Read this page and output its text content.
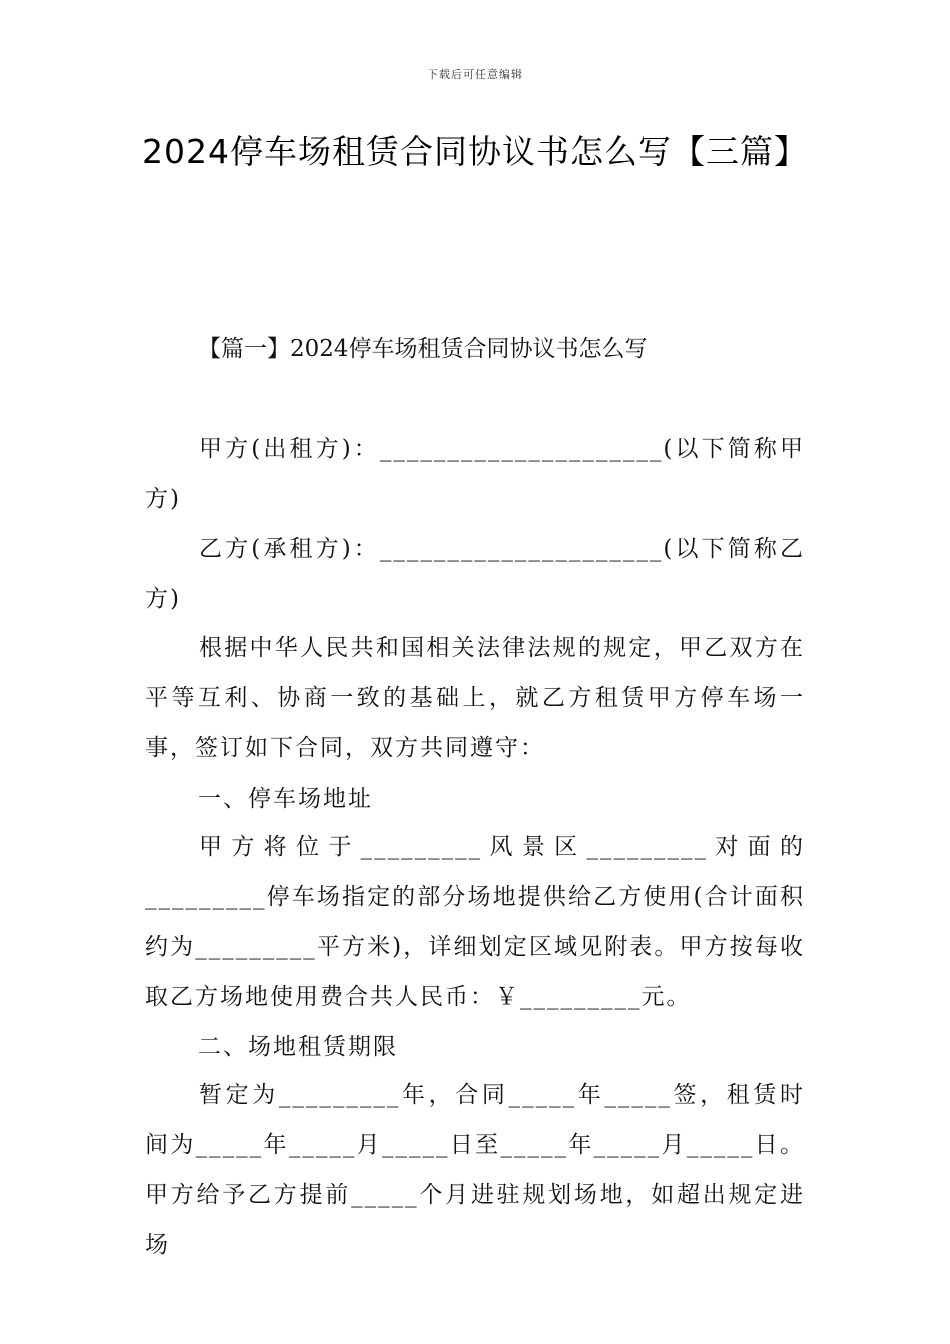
下载后可任意编辑
2024停车场租赁合同协议书怎么写【三篇】
【篇一】2024停车场租赁合同协议书怎么写

甲方(出租方)：_____________________(以下简称甲方)

乙方(承租方)：_____________________(以下简称乙方)

根据中华人民共和国相关法律法规的规定，甲乙双方在平等互利、协商一致的基础上，就乙方租赁甲方停车场一事，签订如下合同，双方共同遵守：

一、停车场地址

甲方将位于_________风景区_________对面的_________停车场指定的部分场地提供给乙方使用(合计面积约为_________平方米)，详细划定区域见附表。甲方按每收取乙方场地使用费合共人民币：￥_________元。

二、场地租赁期限

暂定为_________年，合同_____年_____签，租赁时间为_____年_____月_____日至_____年_____月_____日。甲方给予乙方提前_____个月进驻规划场地，如超出规定进场
